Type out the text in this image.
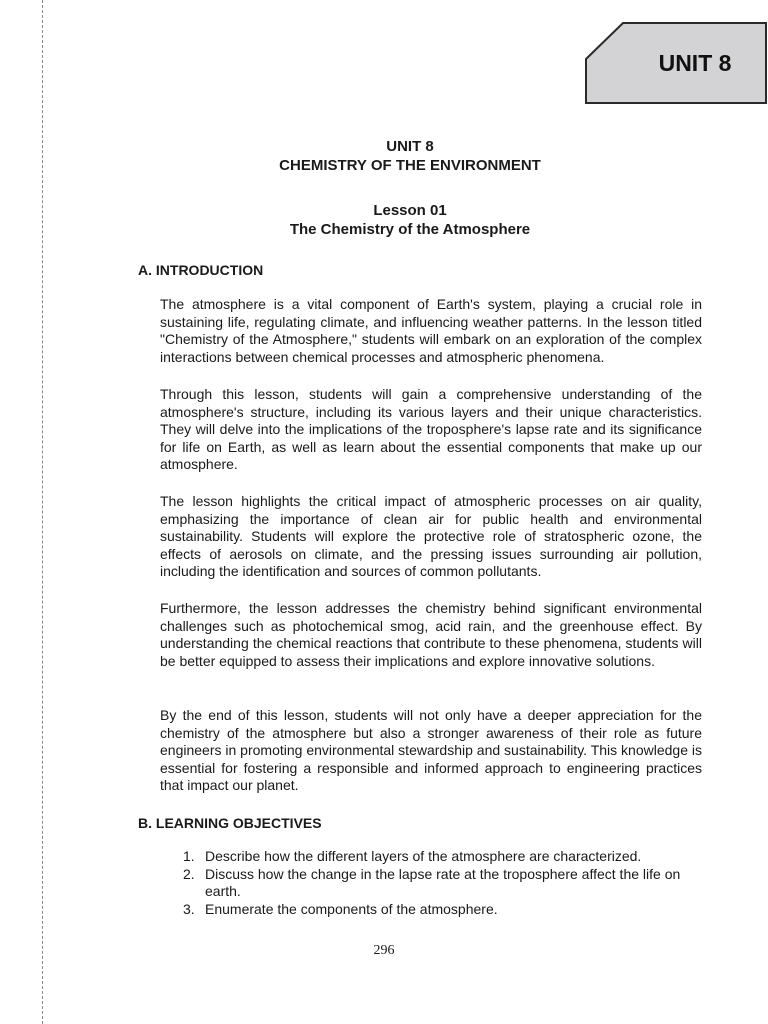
UNIT 8
UNIT 8
CHEMISTRY OF THE ENVIRONMENT
Lesson 01
The Chemistry of the Atmosphere
A. INTRODUCTION
The atmosphere is a vital component of Earth's system, playing a crucial role in sustaining life, regulating climate, and influencing weather patterns. In the lesson titled "Chemistry of the Atmosphere," students will embark on an exploration of the complex interactions between chemical processes and atmospheric phenomena.
Through this lesson, students will gain a comprehensive understanding of the atmosphere's structure, including its various layers and their unique characteristics. They will delve into the implications of the troposphere's lapse rate and its significance for life on Earth, as well as learn about the essential components that make up our atmosphere.
The lesson highlights the critical impact of atmospheric processes on air quality, emphasizing the importance of clean air for public health and environmental sustainability. Students will explore the protective role of stratospheric ozone, the effects of aerosols on climate, and the pressing issues surrounding air pollution, including the identification and sources of common pollutants.
Furthermore, the lesson addresses the chemistry behind significant environmental challenges such as photochemical smog, acid rain, and the greenhouse effect. By understanding the chemical reactions that contribute to these phenomena, students will be better equipped to assess their implications and explore innovative solutions.
By the end of this lesson, students will not only have a deeper appreciation for the chemistry of the atmosphere but also a stronger awareness of their role as future engineers in promoting environmental stewardship and sustainability. This knowledge is essential for fostering a responsible and informed approach to engineering practices that impact our planet.
B. LEARNING OBJECTIVES
1. Describe how the different layers of the atmosphere are characterized.
2. Discuss how the change in the lapse rate at the troposphere affect the life on earth.
3. Enumerate the components of the atmosphere.
296
